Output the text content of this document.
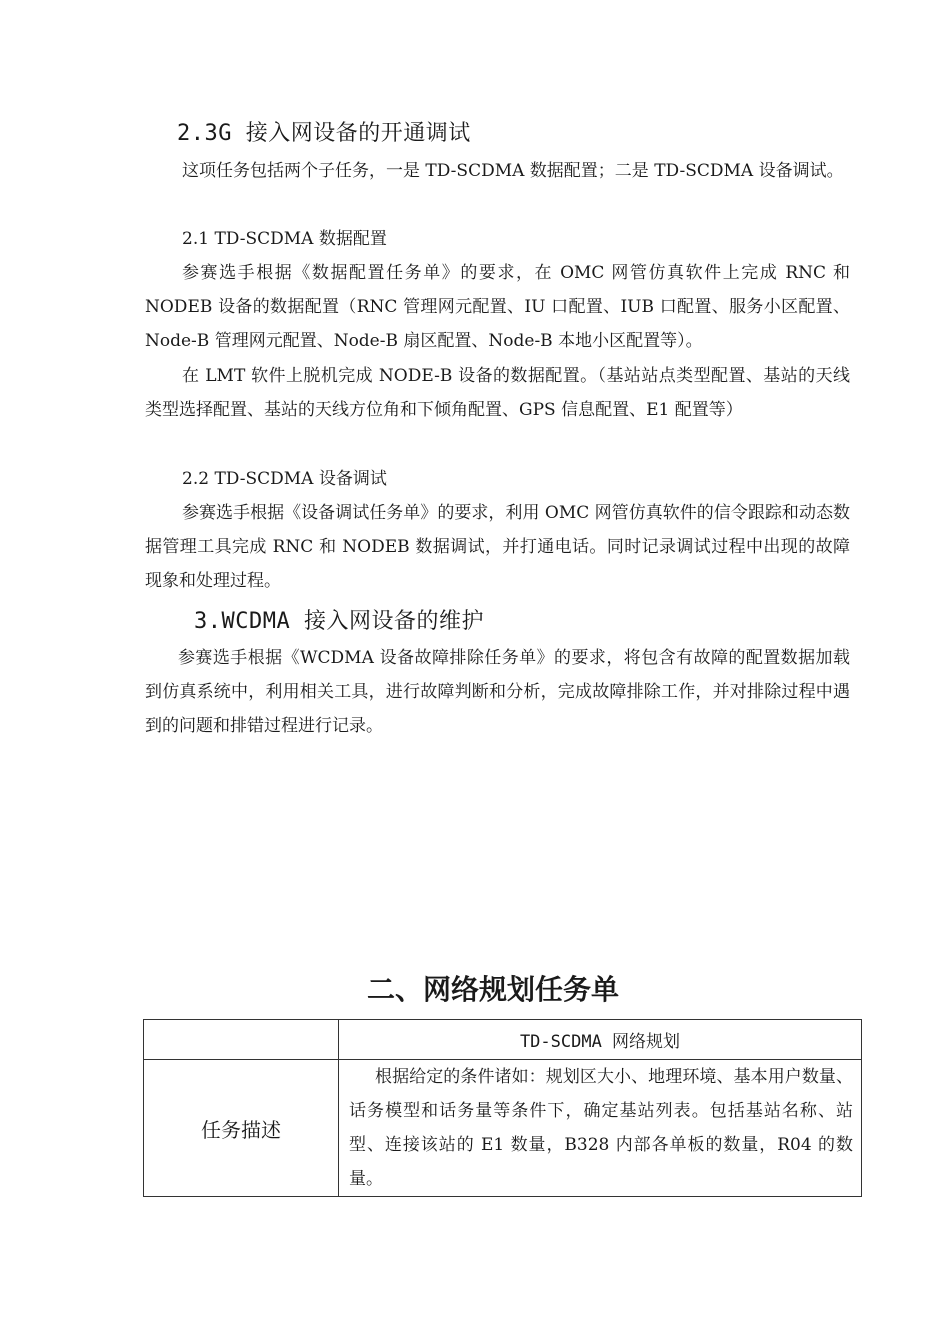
2.3G 接入网设备的开通调试

这项任务包括两个子任务，一是 TD-SCDMA 数据配置；二是 TD-SCDMA 设备调试。

2.1 TD-SCDMA 数据配置

参赛选手根据《数据配置任务单》的要求，在 OMC 网管仿真软件上完成 RNC 和 NODEB 设备的数据配置（RNC 管理网元配置、IU 口配置、IUB 口配置、服务小区配置、Node-B 管理网元配置、Node-B 扇区配置、Node-B 本地小区配置等）。

在 LMT 软件上脱机完成 NODE-B 设备的数据配置。（基站站点类型配置、基站的天线类型选择配置、基站的天线方位角和下倾角配置、GPS 信息配置、E1 配置等）

2.2 TD-SCDMA 设备调试

参赛选手根据《设备调试任务单》的要求，利用 OMC 网管仿真软件的信令跟踪和动态数据管理工具完成 RNC 和 NODEB 数据调试，并打通电话。同时记录调试过程中出现的故障现象和处理过程。

3.WCDMA 接入网设备的维护

参赛选手根据《WCDMA 设备故障排除任务单》的要求，将包含有故障的配置数据加载到仿真系统中，利用相关工具，进行故障判断和分析，完成故障排除工作，并对排除过程中遇到的问题和排错过程进行记录。

二、网络规划任务单
	TD-SCDMA 网络规划
任务描述	根据给定的条件诸如：规划区大小、地理环境、基本用户数量、话务模型和话务量等条件下，确定基站列表。包括基站名称、站型、连接该站的 E1 数量，B328 内部各单板的数量，R04 的数量。
